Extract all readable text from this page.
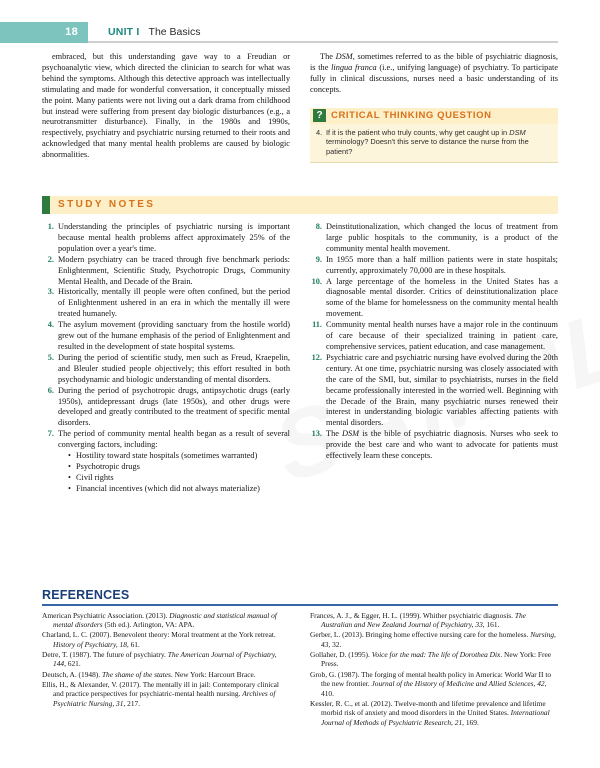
18	UNIT I The Basics

embraced, but this understanding gave way to a Freudian or psychoanalytic view, which directed the clinician to search for what was behind the symptoms. Although this detective approach was intellectually stimulating and made for wonderful conversation, it conceptually missed the point. Many patients were not living out a dark drama from childhood but instead were suffering from present day biologic disturbances (e.g., a neurotransmitter disturbance). Finally, in the 1980s and 1990s, respectively, psychiatry and psychiatric nursing returned to their roots and acknowledged that many mental health problems are caused by biologic abnormalities.

The DSM, sometimes referred to as the bible of psychiatric diagnosis, is the lingua franca (i.e., unifying language) of psychiatry. To participate fully in clinical discussions, nurses need a basic understanding of its concepts.

? CRITICAL THINKING QUESTION
4. If it is the patient who truly counts, why get caught up in DSM terminology? Doesn't this serve to distance the nurse from the patient?
STUDY NOTES
1. Understanding the principles of psychiatric nursing is important because mental health problems affect approximately 25% of the population over a year's time.
2. Modern psychiatry can be traced through five benchmark periods: Enlightenment, Scientific Study, Psychotropic Drugs, Community Mental Health, and Decade of the Brain.
3. Historically, mentally ill people were often confined, but the period of Enlightenment ushered in an era in which the mentally ill were treated humanely.
4. The asylum movement (providing sanctuary from the hostile world) grew out of the humane emphasis of the period of Enlightenment and resulted in the development of state hospital systems.
5. During the period of scientific study, men such as Freud, Kraepelin, and Bleuler studied people objectively; this effort resulted in both psychodynamic and biologic understanding of mental disorders.
6. During the period of psychotropic drugs, antipsychotic drugs (early 1950s), antidepressant drugs (late 1950s), and other drugs were developed and greatly contributed to the treatment of specific mental disorders.
7. The period of community mental health began as a result of several converging factors, including:
• Hostility toward state hospitals (sometimes warranted)
• Psychotropic drugs
• Civil rights
• Financial incentives (which did not always materialize)
8. Deinstitutionalization, which changed the locus of treatment from large public hospitals to the community, is a product of the community mental health movement.
9. In 1955 more than a half million patients were in state hospitals; currently, approximately 70,000 are in these hospitals.
10. A large percentage of the homeless in the United States has a diagnosable mental disorder. Critics of deinstitutionalization place some of the blame for homelessness on the community mental health movement.
11. Community mental health nurses have a major role in the continuum of care because of their specialized training in patient care, comprehensive services, patient education, and case management.
12. Psychiatric care and psychiatric nursing have evolved during the 20th century. At one time, psychiatric nursing was closely associated with the care of the SMI, but, similar to psychiatrists, nurses in the field became professionally interested in the worried well. Beginning with the Decade of the Brain, many psychiatric nurses renewed their interest in understanding biologic variables affecting patients with mental disorders.
13. The DSM is the bible of psychiatric diagnosis. Nurses who seek to provide the best care and who want to advocate for patients must effectively learn these concepts.
REFERENCES
American Psychiatric Association. (2013). Diagnostic and statistical manual of mental disorders (5th ed.). Arlington, VA: APA.
Charland, L. C. (2007). Benevolent theory: Moral treatment at the York retreat. History of Psychiatry, 18, 61.
Detre, T. (1987). The future of psychiatry. The American Journal of Psychiatry, 144, 621.
Deutsch, A. (1948). The shame of the states. New York: Harcourt Brace.
Ellis, H., & Alexander, V. (2017). The mentally ill in jail: Contemporary clinical and practice perspectives for psychiatric-mental health nursing. Archives of Psychiatric Nursing, 31, 217.
Frances, A. J., & Egger, H. L. (1999). Whither psychiatric diagnosis. The Australian and New Zealand Journal of Psychiatry, 33, 161.
Gerber, L. (2013). Bringing home effective nursing care for the homeless. Nursing, 43, 32.
Gollaher, D. (1995). Voice for the mad: The life of Dorothea Dix. New York: Free Press.
Grob, G. (1987). The forging of mental health policy in America: World War II to the new frontier. Journal of the History of Medicine and Allied Sciences, 42, 410.
Kessler, R. C., et al. (2012). Twelve-month and lifetime prevalence and lifetime morbid risk of anxiety and mood disorders in the United States. International Journal of Methods of Psychiatric Research, 21, 169.
